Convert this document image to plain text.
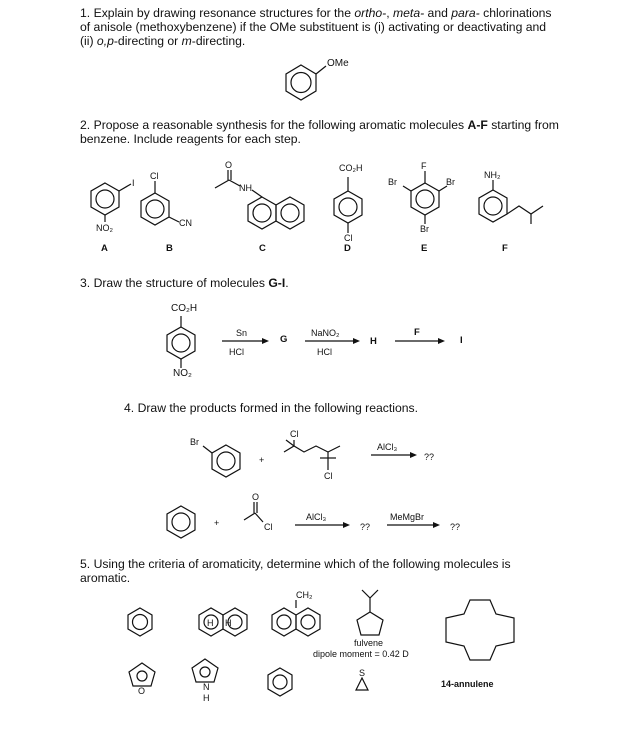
1. Explain by drawing resonance structures for the ortho-, meta- and para- chlorinations of anisole (methoxybenzene) if the OMe substituent is (i) activating or deactivating and (ii) o,p-directing or m-directing.
2. Propose a reasonable synthesis for the following aromatic molecules A-F starting from benzene. Include reagents for each step.
3. Draw the structure of molecules G-I.
4. Draw the products formed in the following reactions.
5. Using the criteria of aromaticity, determine which of the following molecules is aromatic.
OMe
I
NO₂
Cl
CN
O
NH
CO₂H
Cl
F
Br	Br
Br
NH₂
A	B	C	D	E	F
CO₂H
NO₂
Sn
HCl
G
NaNO₂
HCl
H
F
I
Br
+
Cl
Cl
AlCl₃
??
+
O
Cl
AlCl₃
??
MeMgBr
??
CH₂
H H
fulvene
dipole moment = 0.42 D
O	N
H
S
14-annulene
